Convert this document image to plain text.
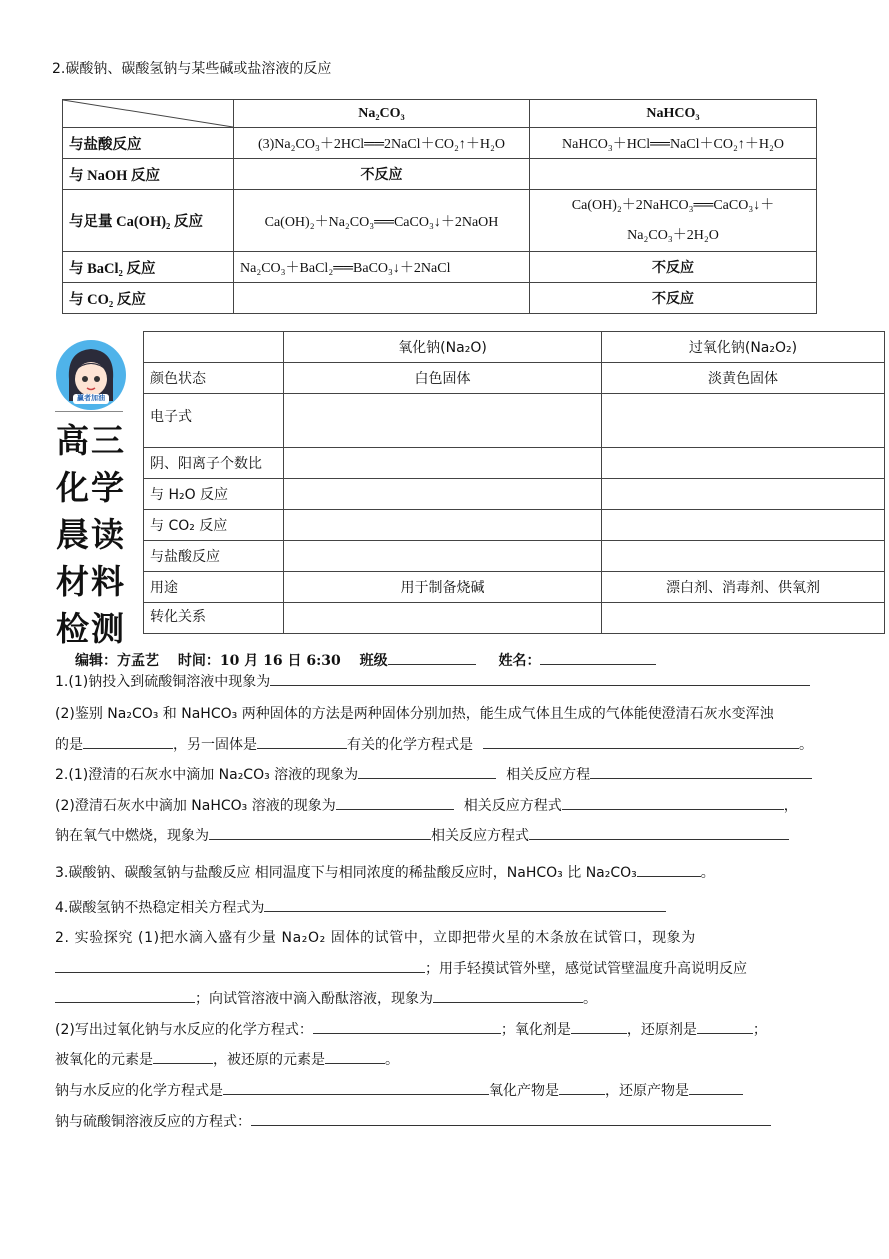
2.碳酸钠、碳酸氢钠与某些碱或盐溶液的反应
	Na₂CO₃	NaHCO₃
与盐酸反应	(3)Na₂CO₃＋2HCl══2NaCl＋CO₂↑＋H₂O	NaHCO₃＋HCl══NaCl＋CO₂↑＋H₂O
与 NaOH 反应	不反应	
与足量 Ca(OH)₂ 反应	Ca(OH)₂＋Na₂CO₃══CaCO₃↓＋2NaOH	Ca(OH)₂＋2NaHCO₃══CaCO₃↓＋
Na₂CO₃＋2H₂O

与 BaCl₂ 反应	Na₂CO₃＋BaCl₂══BaCO₃↓＋2NaCl	不反应
与 CO₂ 反应		不反应
赢者加油
高三
化学
晨读
材料
检测
	氧化钠(Na₂O)	过氧化钠(Na₂O₂)
颜色状态	白色固体	淡黄色固体
电子式		
阴、阳离子个数比		
与 H₂O 反应		
与 CO₂ 反应		
与盐酸反应		
用途	用于制备烧碱	漂白剂、消毒剂、供氧剂
转化关系		
编辑：方孟艺 时间：10 月 16 日 6:30 班级	姓名：
1.(1)钠投入到硫酸铜溶液中现象为
(2)鉴别 Na₂CO₃ 和 NaHCO₃ 两种固体的方法是两种固体分别加热，能生成气体且生成的气体能使澄清石灰水变浑浊
的是	，另一固体是	有关的化学方程式是	。
2.(1)澄清的石灰水中滴加 Na₂CO₃ 溶液的现象为	相关反应方程
(2)澄清石灰水中滴加 NaHCO₃ 溶液的现象为	相关反应方程式	，
钠在氧气中燃烧，现象为	相关反应方程式
3.碳酸钠、碳酸氢钠与盐酸反应 相同温度下与相同浓度的稀盐酸反应时，NaHCO₃ 比 Na₂CO₃	。
4.碳酸氢钠不热稳定相关方程式为
2. 实验探究 (1)把水滴入盛有少量 Na₂O₂ 固体的试管中，立即把带火星的木条放在试管口，现象为
；用手轻摸试管外壁，感觉试管壁温度升高说明反应
；向试管溶液中滴入酚酞溶液，现象为	。
(2)写出过氧化钠与水反应的化学方程式：	；氧化剂是	，还原剂是	；
被氧化的元素是	，被还原的元素是	。
钠与水反应的化学方程式是	氧化产物是	，还原产物是
钠与硫酸铜溶液反应的方程式：
